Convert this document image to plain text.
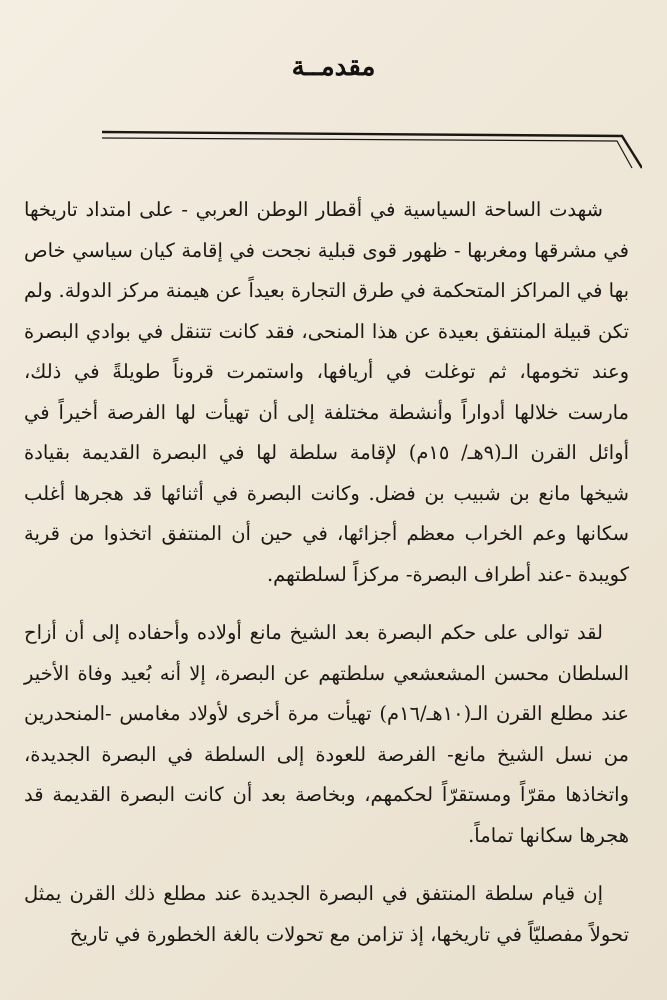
مقدمــة

شهدت الساحة السياسية في أقطار الوطن العربي - على امتداد تاريخها في مشرقها ومغربها - ظهور قوى قبلية نجحت في إقامة كيان سياسي خاص بها في المراكز المتحكمة في طرق التجارة بعيداً عن هيمنة مركز الدولة. ولم تكن قبيلة المنتفق بعيدة عن هذا المنحى، فقد كانت تتنقل في بوادي البصرة وعند تخومها، ثم توغلت في أريافها، واستمرت قروناً طويلةً في ذلك، مارست خلالها أدواراً وأنشطة مختلفة إلى أن تهيأت لها الفرصة أخيراً في أوائل القرن الـ(٩هـ/ ١٥م) لإقامة سلطة لها في البصرة القديمة بقيادة شيخها مانع بن شبيب بن فضل. وكانت البصرة في أثنائها قد هجرها أغلب سكانها وعم الخراب معظم أجزائها، في حين أن المنتفق اتخذوا من قرية كويبدة -عند أطراف البصرة- مركزاً لسلطتهم.

لقد توالى على حكم البصرة بعد الشيخ مانع أولاده وأحفاده إلى أن أزاح السلطان محسن المشعشعي سلطتهم عن البصرة، إلا أنه بُعيد وفاة الأخير عند مطلع القرن الـ(١٠هـ/١٦م) تهيأت مرة أخرى لأولاد مغامس -المنحدرين من نسل الشيخ مانع- الفرصة للعودة إلى السلطة في البصرة الجديدة، واتخاذها مقرّاً ومستقرّاً لحكمهم، وبخاصة بعد أن كانت البصرة القديمة قد هجرها سكانها تماماً.

إن قيام سلطة المنتفق في البصرة الجديدة عند مطلع ذلك القرن يمثل تحولاً مفصليّاً في تاريخها، إذ تزامن مع تحولات بالغة الخطورة في تاريخ
